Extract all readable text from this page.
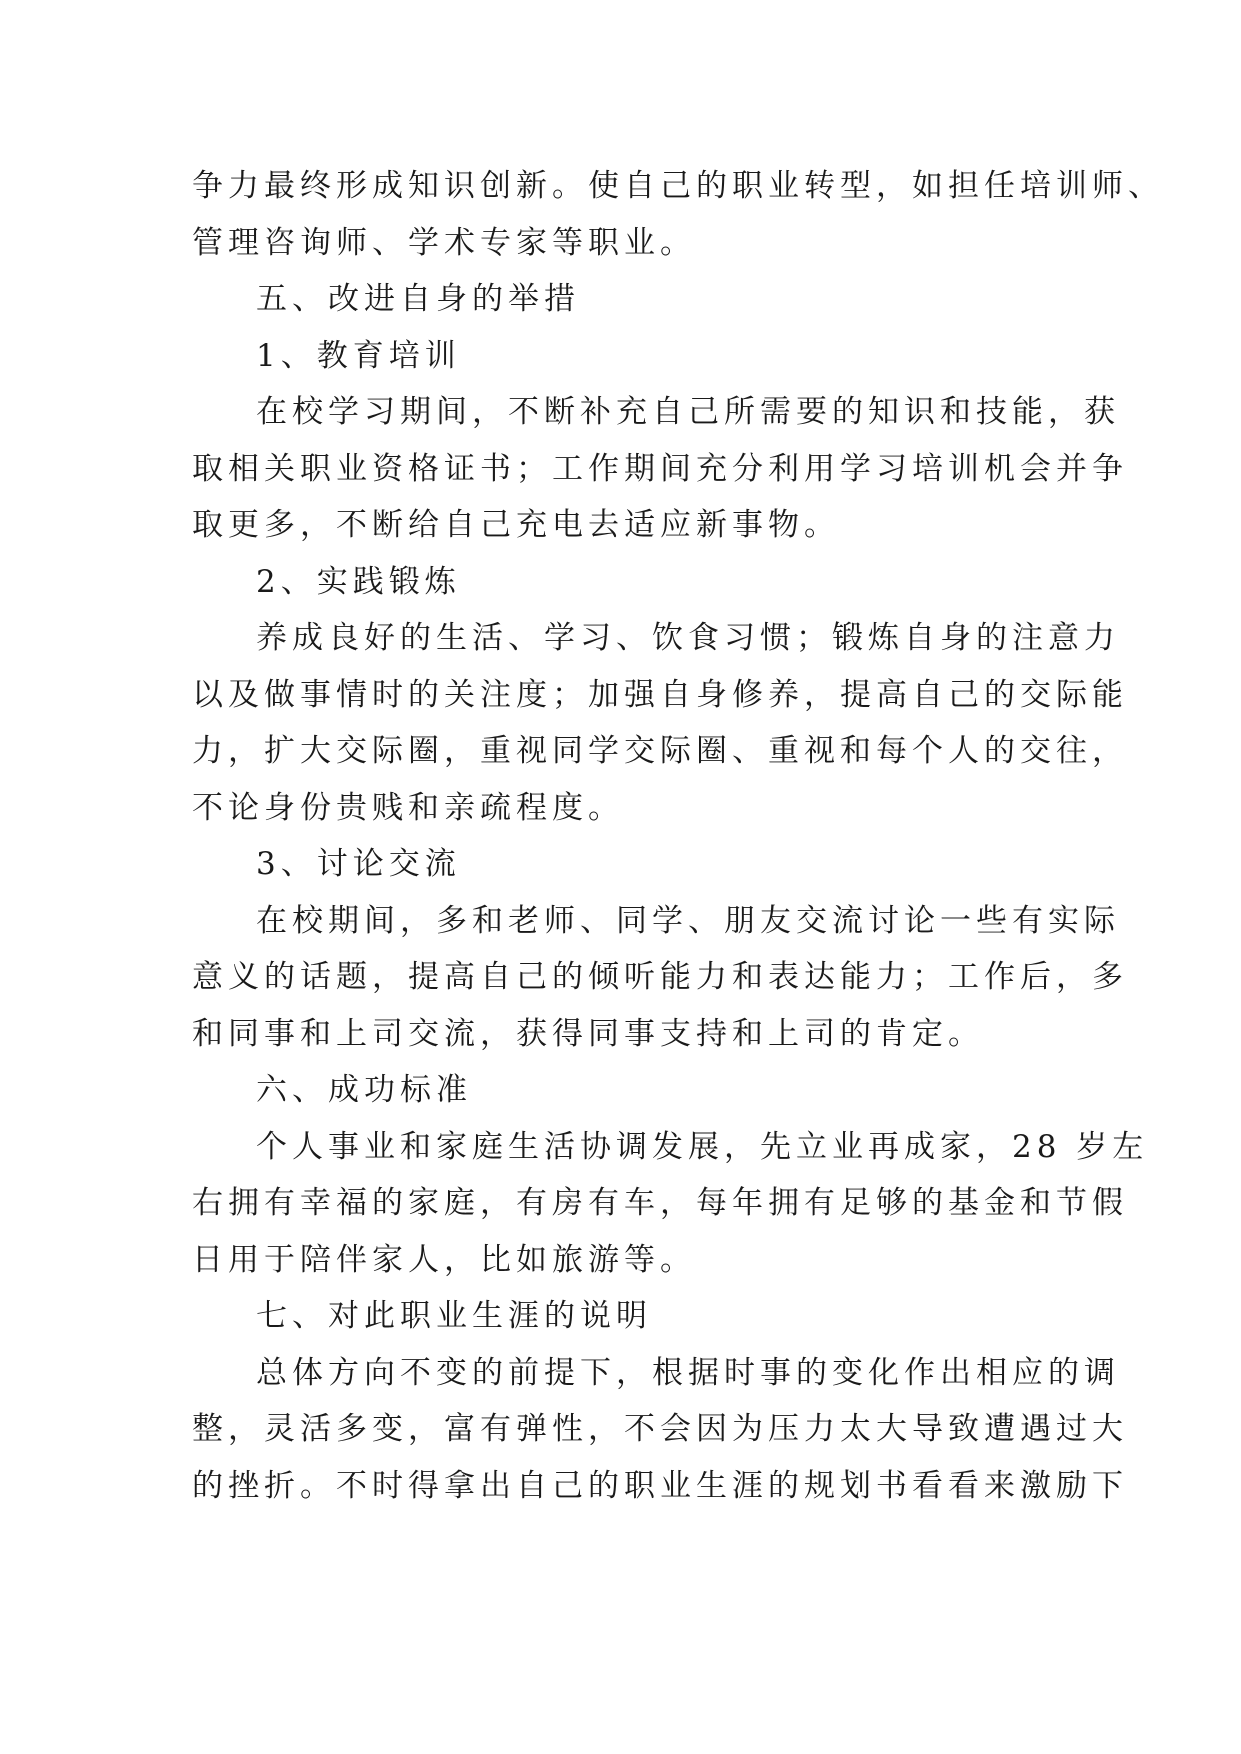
争力最终形成知识创新。使自己的职业转型，如担任培训师、
管理咨询师、学术专家等职业。
五、改进自身的举措
1、教育培训
在校学习期间，不断补充自己所需要的知识和技能，获
取相关职业资格证书；工作期间充分利用学习培训机会并争
取更多，不断给自己充电去适应新事物。
2、实践锻炼
养成良好的生活、学习、饮食习惯；锻炼自身的注意力
以及做事情时的关注度；加强自身修养，提高自己的交际能
力，扩大交际圈，重视同学交际圈、重视和每个人的交往，
不论身份贵贱和亲疏程度。
3、讨论交流
在校期间，多和老师、同学、朋友交流讨论一些有实际
意义的话题，提高自己的倾听能力和表达能力；工作后，多
和同事和上司交流，获得同事支持和上司的肯定。
六、成功标准
个人事业和家庭生活协调发展，先立业再成家，28 岁左
右拥有幸福的家庭，有房有车，每年拥有足够的基金和节假
日用于陪伴家人，比如旅游等。
七、对此职业生涯的说明
总体方向不变的前提下，根据时事的变化作出相应的调
整，灵活多变，富有弹性，不会因为压力太大导致遭遇过大
的挫折。不时得拿出自己的职业生涯的规划书看看来激励下
